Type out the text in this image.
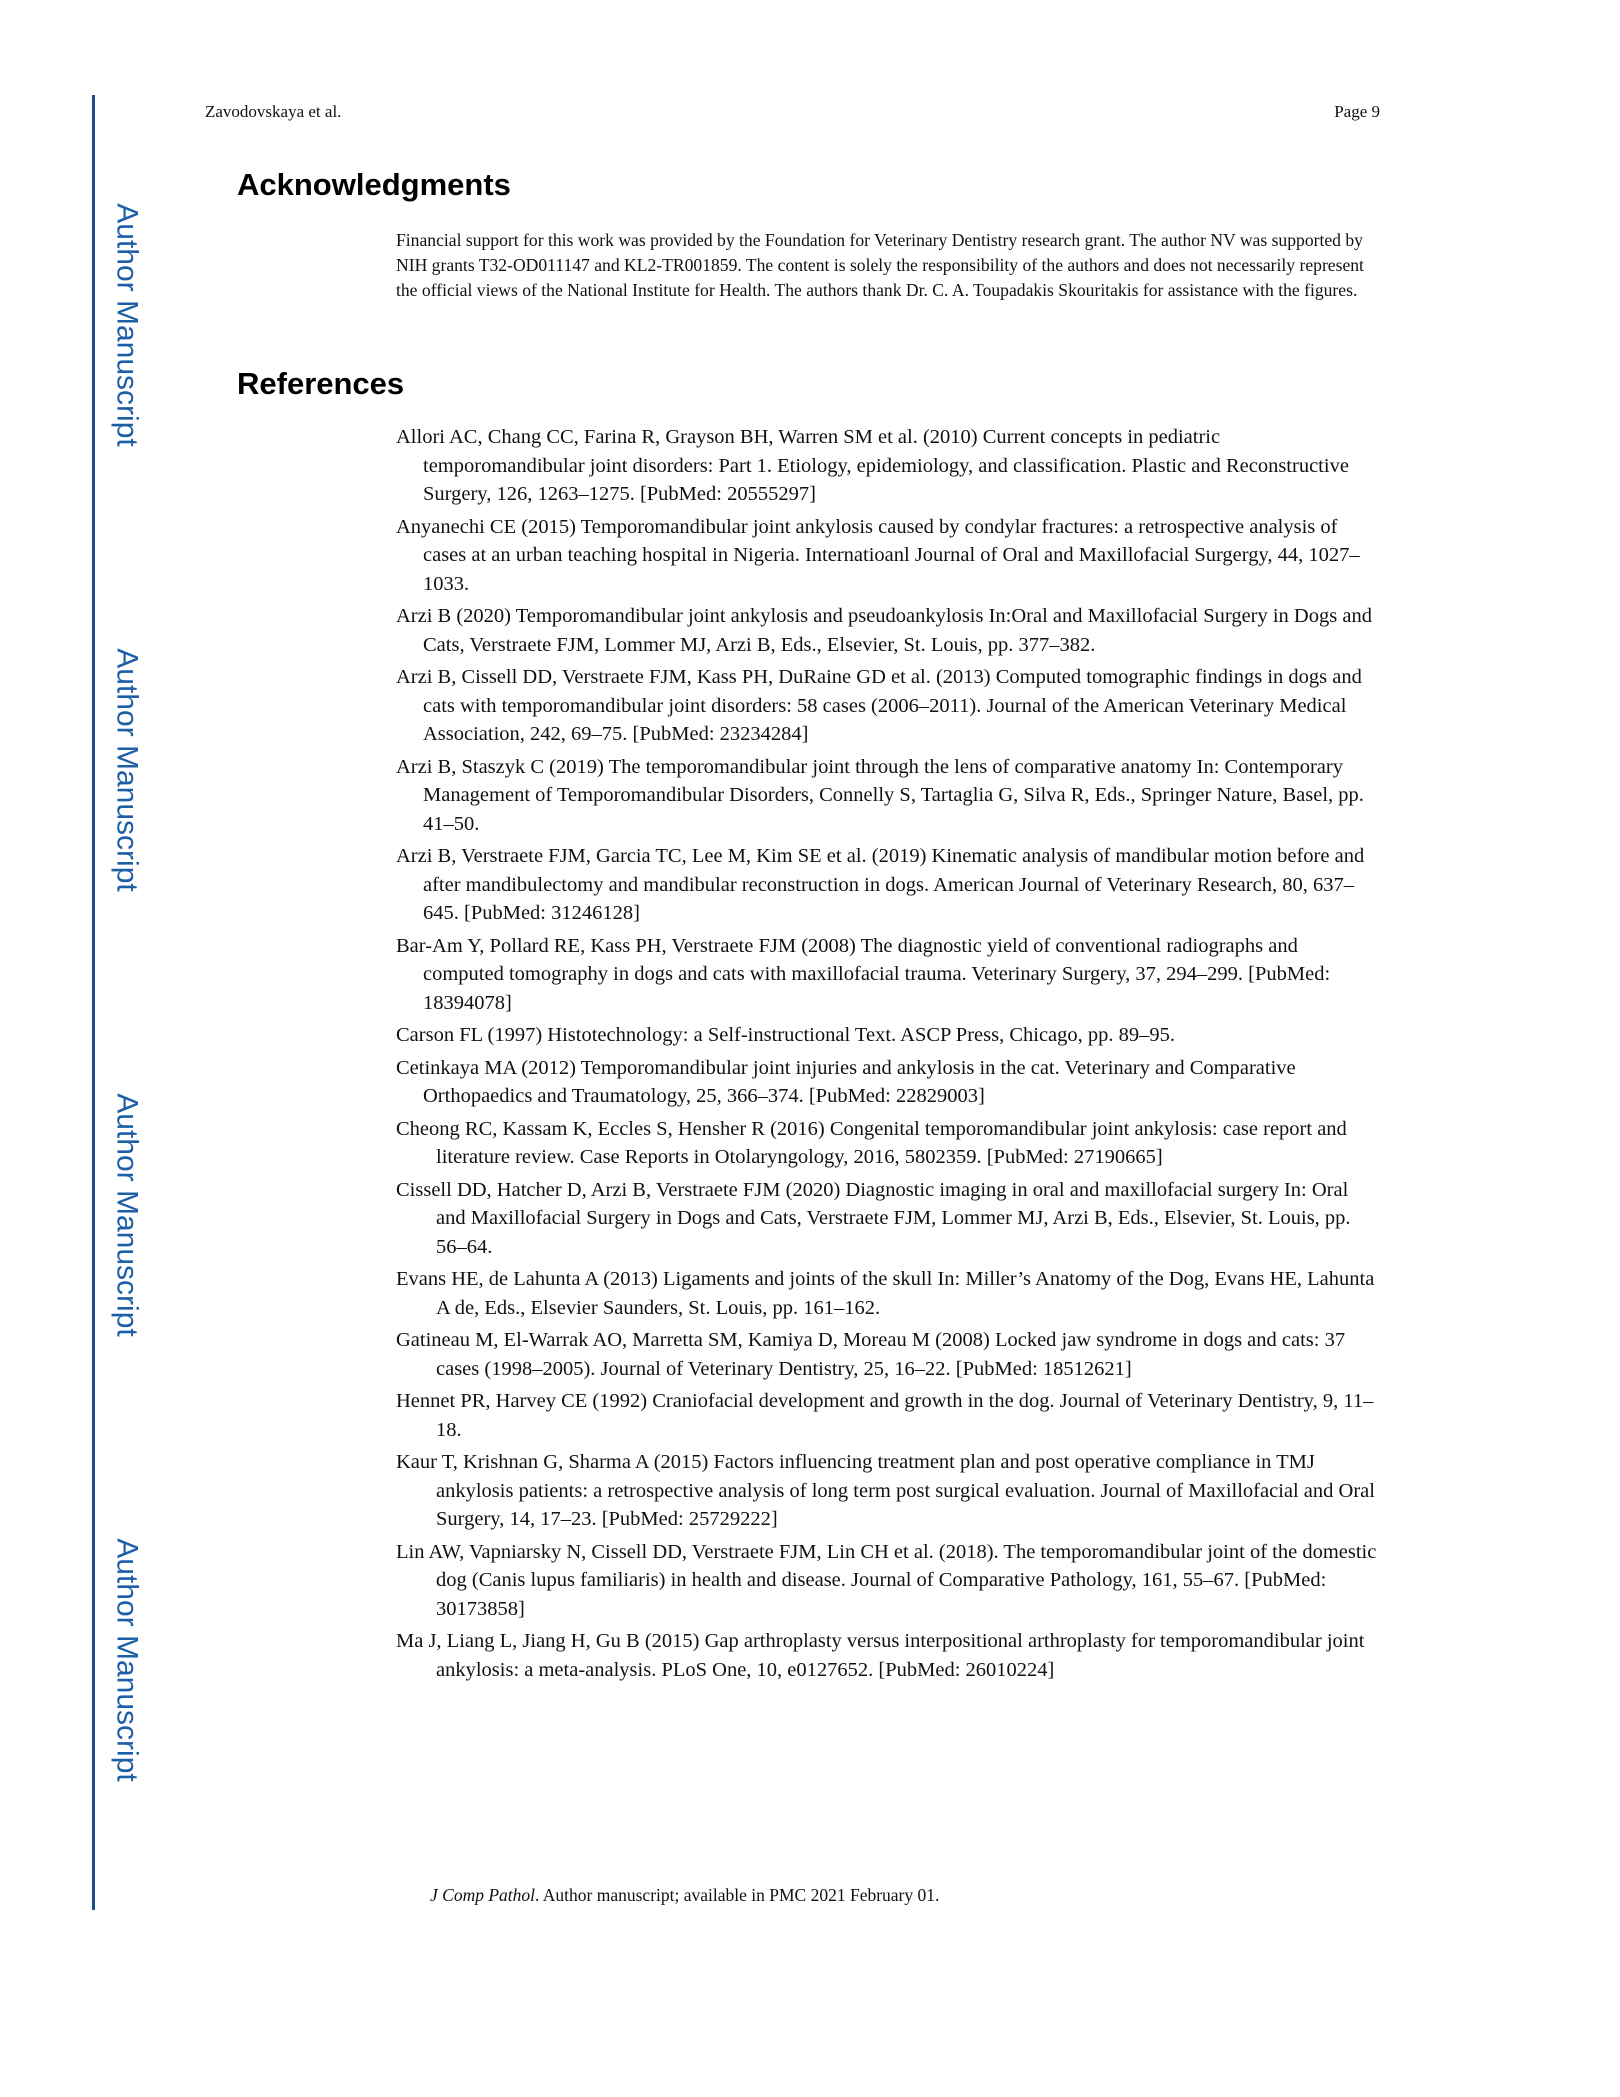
Author Manuscript
Author Manuscript
Author Manuscript
Author Manuscript
Zavodovskaya et al.	Page 9
Acknowledgments

Financial support for this work was provided by the Foundation for Veterinary Dentistry research grant. The author NV was supported by NIH grants T32-OD011147 and KL2-TR001859. The content is solely the responsibility of the authors and does not necessarily represent the official views of the National Institute for Health. The authors thank Dr. C. A. Toupadakis Skouritakis for assistance with the figures.

References
Allori AC, Chang CC, Farina R, Grayson BH, Warren SM et al. (2010) Current concepts in pediatric temporomandibular joint disorders: Part 1. Etiology, epidemiology, and classification. Plastic and Reconstructive Surgery, 126, 1263–1275. [PubMed: 20555297]
Anyanechi CE (2015) Temporomandibular joint ankylosis caused by condylar fractures: a retrospective analysis of cases at an urban teaching hospital in Nigeria. Internatioanl Journal of Oral and Maxillofacial Surgergy, 44, 1027–1033.
Arzi B (2020) Temporomandibular joint ankylosis and pseudoankylosis In:Oral and Maxillofacial Surgery in Dogs and Cats, Verstraete FJM, Lommer MJ, Arzi B, Eds., Elsevier, St. Louis, pp. 377–382.
Arzi B, Cissell DD, Verstraete FJM, Kass PH, DuRaine GD et al. (2013) Computed tomographic findings in dogs and cats with temporomandibular joint disorders: 58 cases (2006–2011). Journal of the American Veterinary Medical Association, 242, 69–75. [PubMed: 23234284]
Arzi B, Staszyk C (2019) The temporomandibular joint through the lens of comparative anatomy In: Contemporary Management of Temporomandibular Disorders, Connelly S, Tartaglia G, Silva R, Eds., Springer Nature, Basel, pp. 41–50.
Arzi B, Verstraete FJM, Garcia TC, Lee M, Kim SE et al. (2019) Kinematic analysis of mandibular motion before and after mandibulectomy and mandibular reconstruction in dogs. American Journal of Veterinary Research, 80, 637–645. [PubMed: 31246128]
Bar-Am Y, Pollard RE, Kass PH, Verstraete FJM (2008) The diagnostic yield of conventional radiographs and computed tomography in dogs and cats with maxillofacial trauma. Veterinary Surgery, 37, 294–299. [PubMed: 18394078]
Carson FL (1997) Histotechnology: a Self-instructional Text. ASCP Press, Chicago, pp. 89–95.
Cetinkaya MA (2012) Temporomandibular joint injuries and ankylosis in the cat. Veterinary and Comparative Orthopaedics and Traumatology, 25, 366–374. [PubMed: 22829003]
Cheong RC, Kassam K, Eccles S, Hensher R (2016) Congenital temporomandibular joint ankylosis: case report and literature review. Case Reports in Otolaryngology, 2016, 5802359. [PubMed: 27190665]
Cissell DD, Hatcher D, Arzi B, Verstraete FJM (2020) Diagnostic imaging in oral and maxillofacial surgery In: Oral and Maxillofacial Surgery in Dogs and Cats, Verstraete FJM, Lommer MJ, Arzi B, Eds., Elsevier, St. Louis, pp. 56–64.
Evans HE, de Lahunta A (2013) Ligaments and joints of the skull In: Miller’s Anatomy of the Dog, Evans HE, Lahunta A de, Eds., Elsevier Saunders, St. Louis, pp. 161–162.
Gatineau M, El-Warrak AO, Marretta SM, Kamiya D, Moreau M (2008) Locked jaw syndrome in dogs and cats: 37 cases (1998–2005). Journal of Veterinary Dentistry, 25, 16–22. [PubMed: 18512621]
Hennet PR, Harvey CE (1992) Craniofacial development and growth in the dog. Journal of Veterinary Dentistry, 9, 11–18.
Kaur T, Krishnan G, Sharma A (2015) Factors influencing treatment plan and post operative compliance in TMJ ankylosis patients: a retrospective analysis of long term post surgical evaluation. Journal of Maxillofacial and Oral Surgery, 14, 17–23. [PubMed: 25729222]
Lin AW, Vapniarsky N, Cissell DD, Verstraete FJM, Lin CH et al. (2018). The temporomandibular joint of the domestic dog (Canis lupus familiaris) in health and disease. Journal of Comparative Pathology, 161, 55–67. [PubMed: 30173858]
Ma J, Liang L, Jiang H, Gu B (2015) Gap arthroplasty versus interpositional arthroplasty for temporomandibular joint ankylosis: a meta-analysis. PLoS One, 10, e0127652. [PubMed: 26010224]
J Comp Pathol. Author manuscript; available in PMC 2021 February 01.
